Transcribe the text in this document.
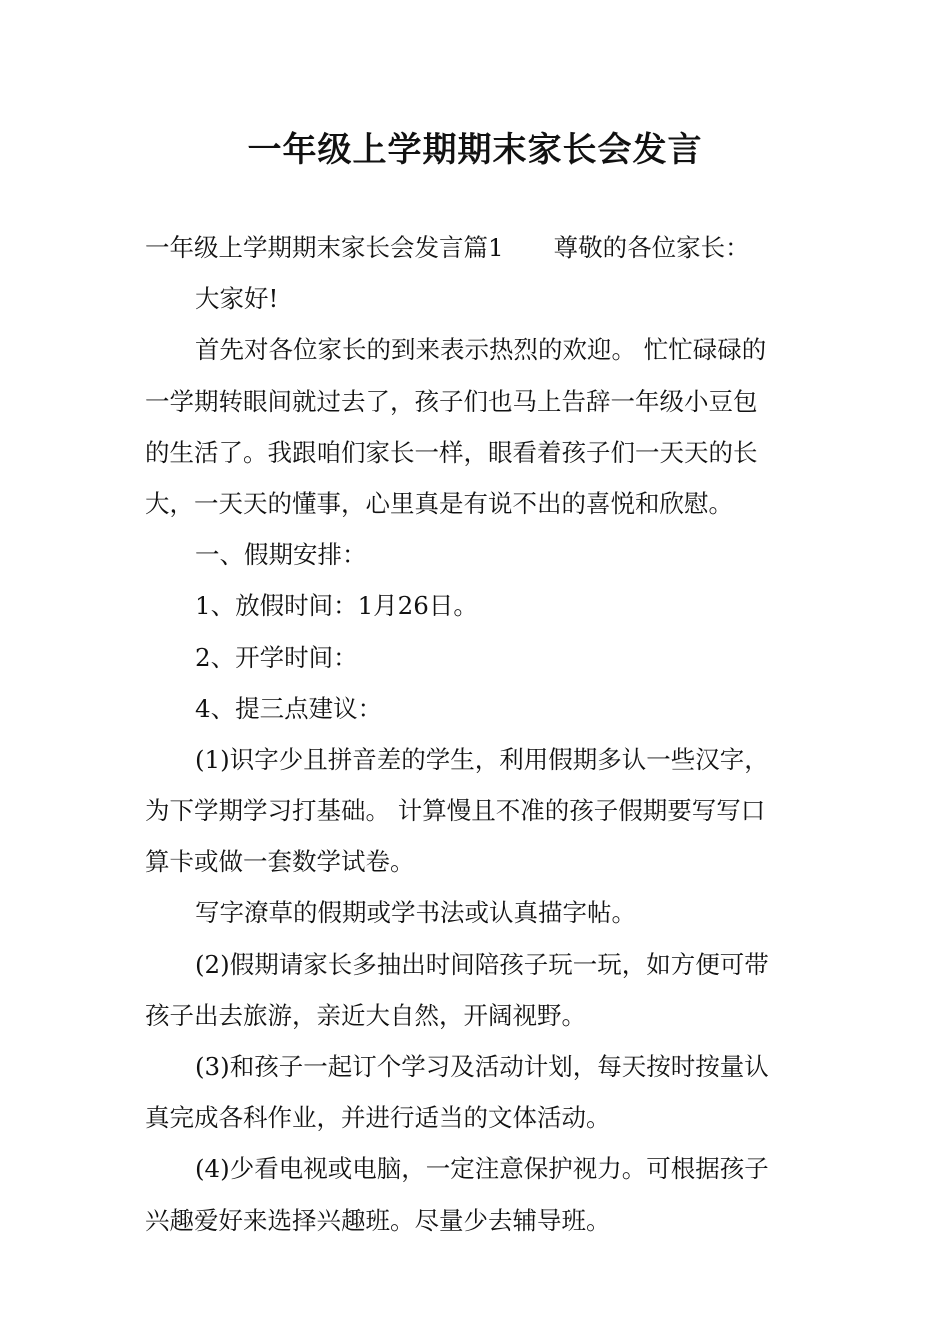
一年级上学期期末家长会发言
一年级上学期期末家长会发言篇1 尊敬的各位家长：
大家好!
首先对各位家长的到来表示热烈的欢迎。 忙忙碌碌的
一学期转眼间就过去了，孩子们也马上告辞一年级小豆包
的生活了。我跟咱们家长一样，眼看着孩子们一天天的长
大，一天天的懂事，心里真是有说不出的喜悦和欣慰。
一、假期安排：
1、放假时间：1月26日。
2、开学时间：
4、提三点建议：
(1)识字少且拼音差的学生，利用假期多认一些汉字，
为下学期学习打基础。 计算慢且不准的孩子假期要写写口
算卡或做一套数学试卷。
写字潦草的假期或学书法或认真描字帖。
(2)假期请家长多抽出时间陪孩子玩一玩，如方便可带
孩子出去旅游，亲近大自然，开阔视野。
(3)和孩子一起订个学习及活动计划，每天按时按量认
真完成各科作业，并进行适当的文体活动。
(4)少看电视或电脑，一定注意保护视力。可根据孩子
兴趣爱好来选择兴趣班。尽量少去辅导班。
